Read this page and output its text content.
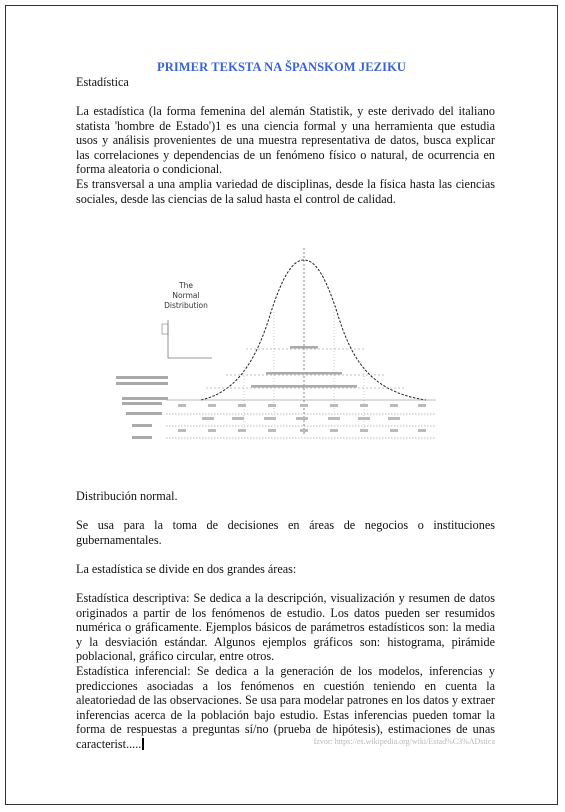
PRIMER TEKSTA NA ŠPANSKOM JEZIKU

Estadística

La estadística (la forma femenina del alemán Statistik, y este derivado del italiano statista 'hombre de Estado')1 es una ciencia formal y una herramienta que estudia usos y análisis provenientes de una muestra representativa de datos, busca explicar las correlaciones y dependencias de un fenómeno físico o natural, de ocurrencia en forma aleatoria o condicional.

Es transversal a una amplia variedad de disciplinas, desde la física hasta las ciencias sociales, desde las ciencias de la salud hasta el control de calidad.

The
Normal
Distribution

Distribución normal.

Se usa para la toma de decisiones en áreas de negocios o instituciones gubernamentales.

La estadística se divide en dos grandes áreas:

Estadística descriptiva: Se dedica a la descripción, visualización y resumen de datos originados a partir de los fenómenos de estudio. Los datos pueden ser resumidos numérica o gráficamente. Ejemplos básicos de parámetros estadísticos son: la media y la desviación estándar. Algunos ejemplos gráficos son: histograma, pirámide poblacional, gráfico circular, entre otros.

Estadística inferencial: Se dedica a la generación de los modelos, inferencias y predicciones asociadas a los fenómenos en cuestión teniendo en cuenta la aleatoriedad de las observaciones. Se usa para modelar patrones en los datos y extraer inferencias acerca de la población bajo estudio. Estas inferencias pueden tomar la forma de respuestas a preguntas sí/no (prueba de hipótesis), estimaciones de unas caracterist.....	Izvor: https://es.wikipedia.org/wiki/Estad%C3%ADstica
